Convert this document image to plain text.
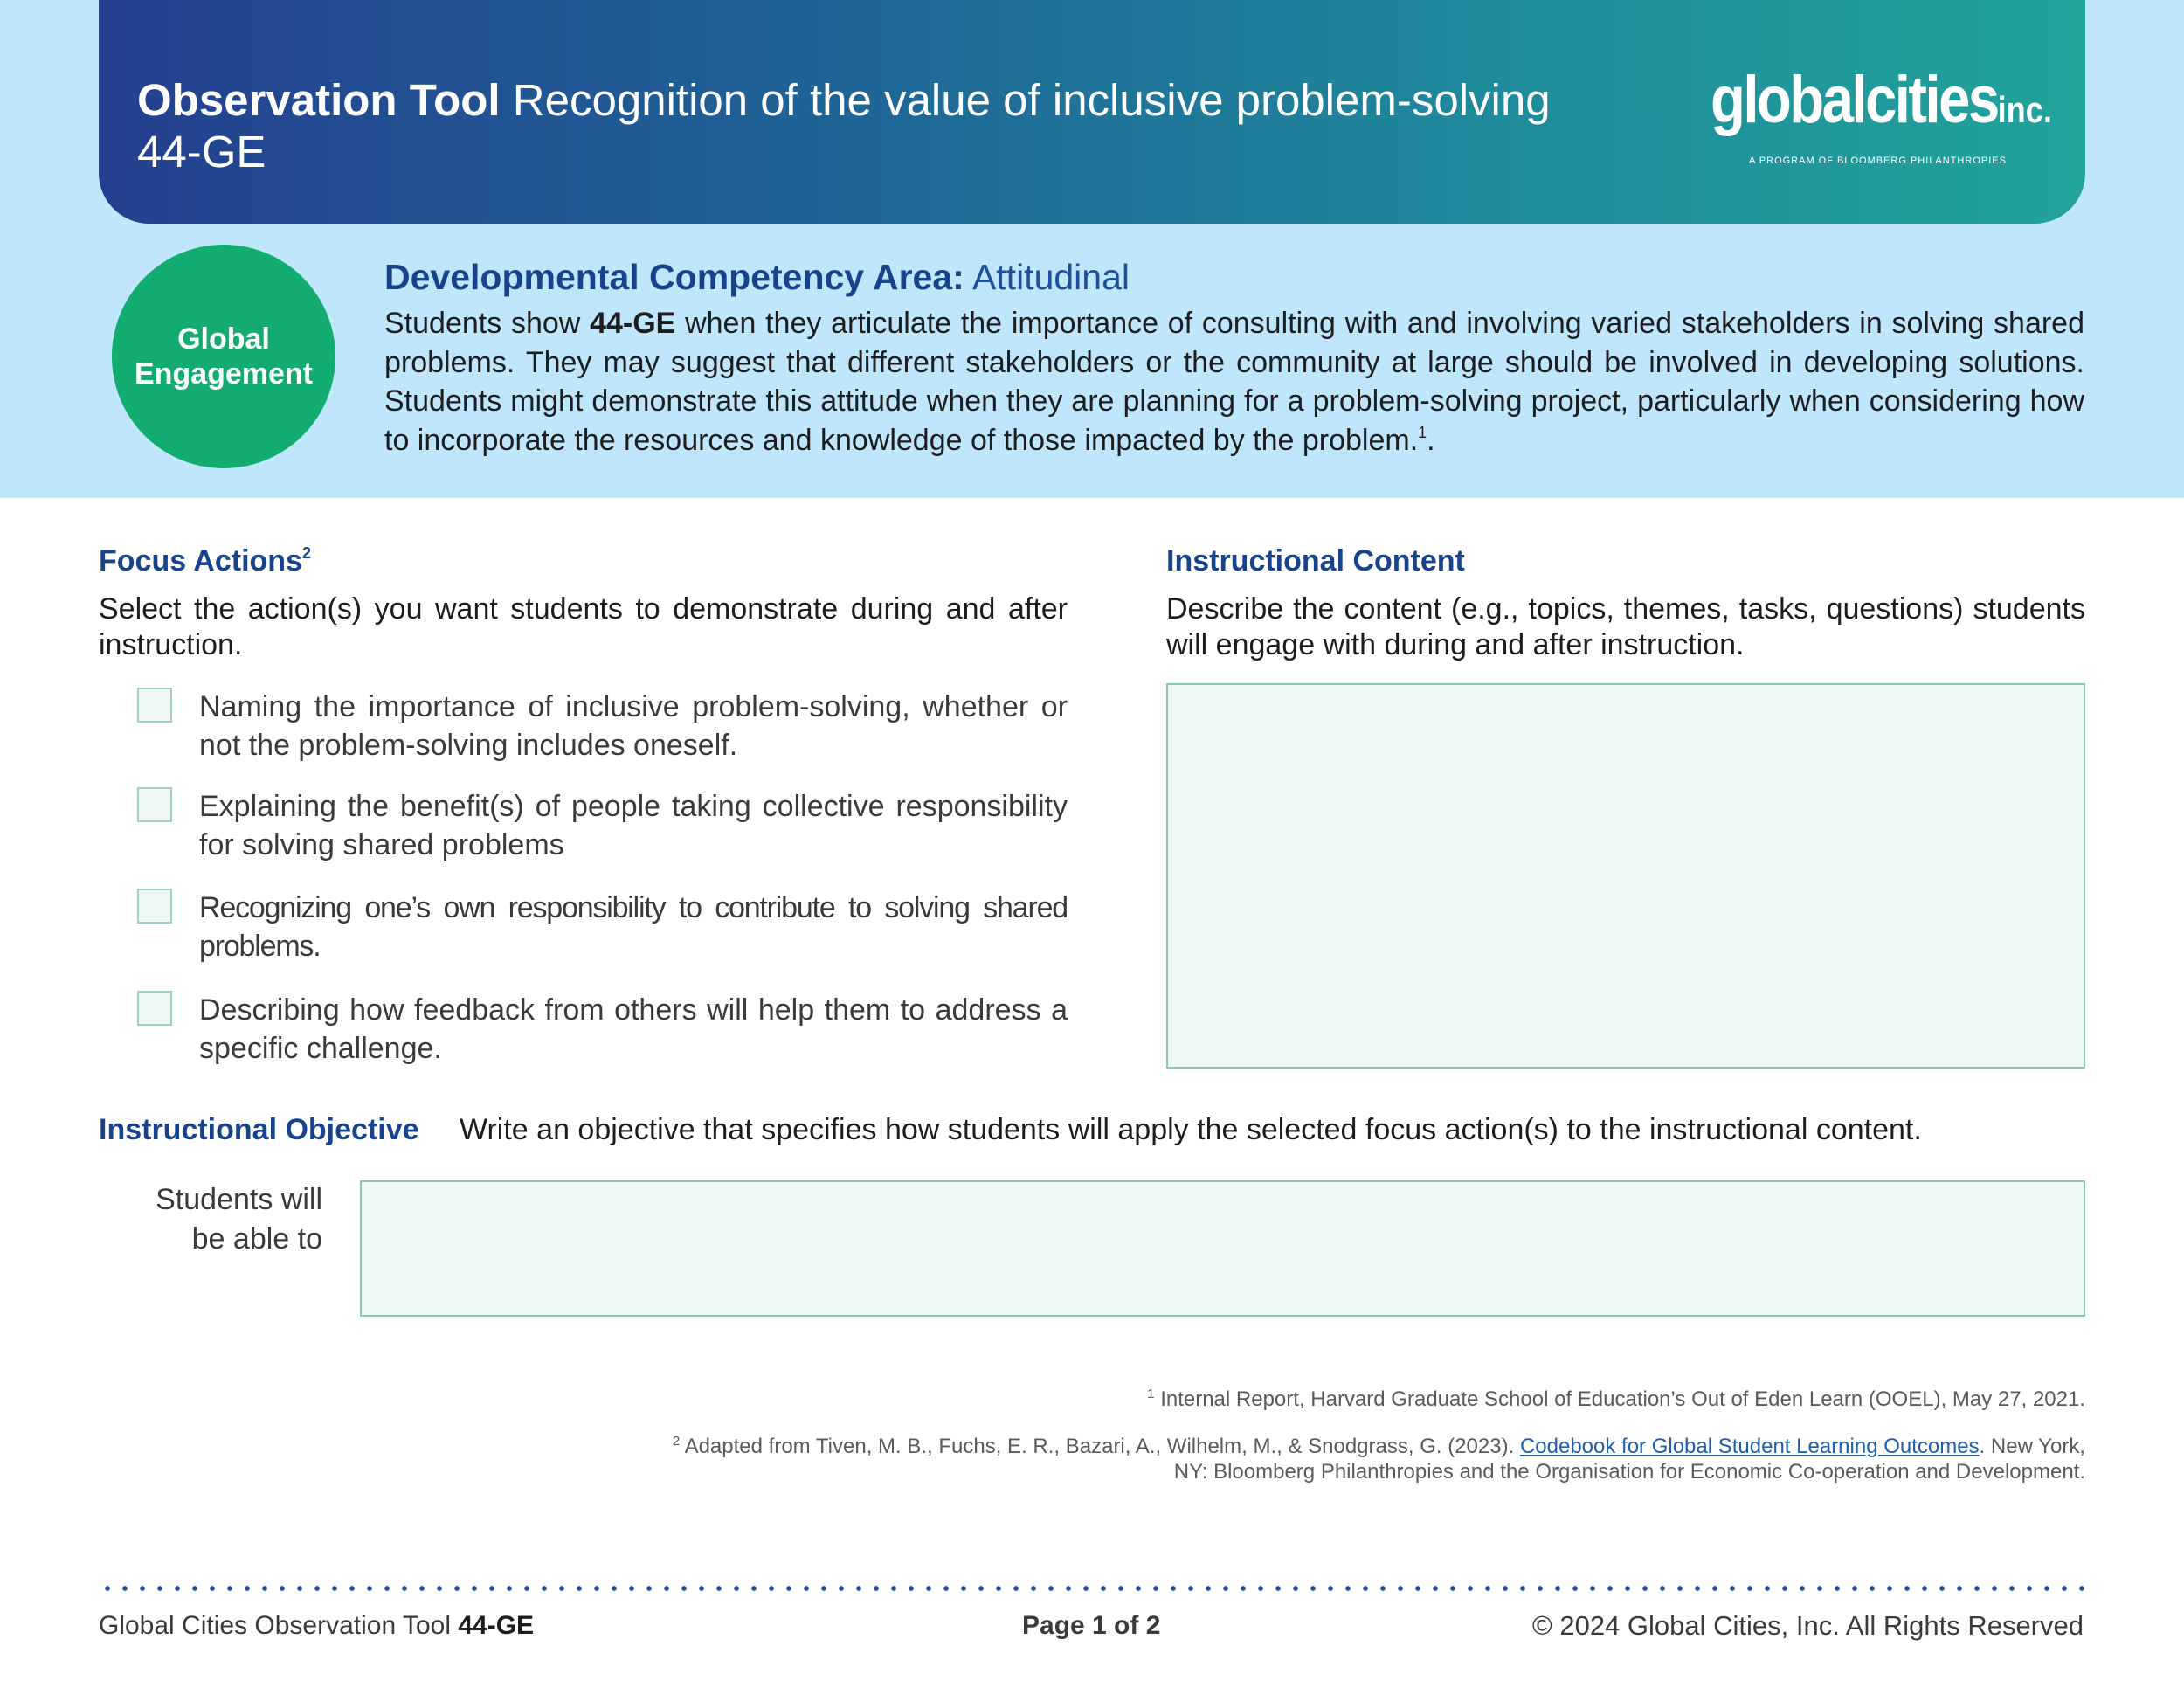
Observation Tool Recognition of the value of inclusive problem-solving
44-GE
globalcitiesinc.
A PROGRAM OF BLOOMBERG PHILANTHROPIES
Global
Engagement
Developmental Competency Area: Attitudinal

Students show 44-GE when they articulate the importance of consulting with and involving varied stakeholders in solving shared problems. They may suggest that different stakeholders or the community at large should be involved in developing solutions. Students might demonstrate this attitude when they are planning for a problem-solving project, particularly when considering how to incorporate the resources and knowledge of those impacted by the problem.$^1$.

Focus Actions$^2$

Select the action(s) you want students to demonstrate during and after instruction.

Naming the importance of inclusive problem-solving, whether or not the problem-solving includes oneself.

Explaining the benefit(s) of people taking collective responsibility for solving shared problems

Recognizing one’s own responsibility to contribute to solving shared problems.

Describing how feedback from others will help them to address a specific challenge.

Instructional Content

Describe the content (e.g., topics, themes, tasks, questions) students will engage with during and after instruction.

Instructional Objective Write an objective that specifies how students will apply the selected focus action(s) to the instructional content.
Students will
be able to

$^1$ Internal Report, Harvard Graduate School of Education’s Out of Eden Learn (OOEL), May 27, 2021.

$^2$ Adapted from Tiven, M. B., Fuchs, E. R., Bazari, A., Wilhelm, M., & Snodgrass, G. (2023). Codebook for Global Student Learning Outcomes. New York, NY: Bloomberg Philanthropies and the Organisation for Economic Co-operation and Development.

Global Cities Observation Tool 44-GE	Page 1 of 2	© 2024 Global Cities, Inc. All Rights Reserved
